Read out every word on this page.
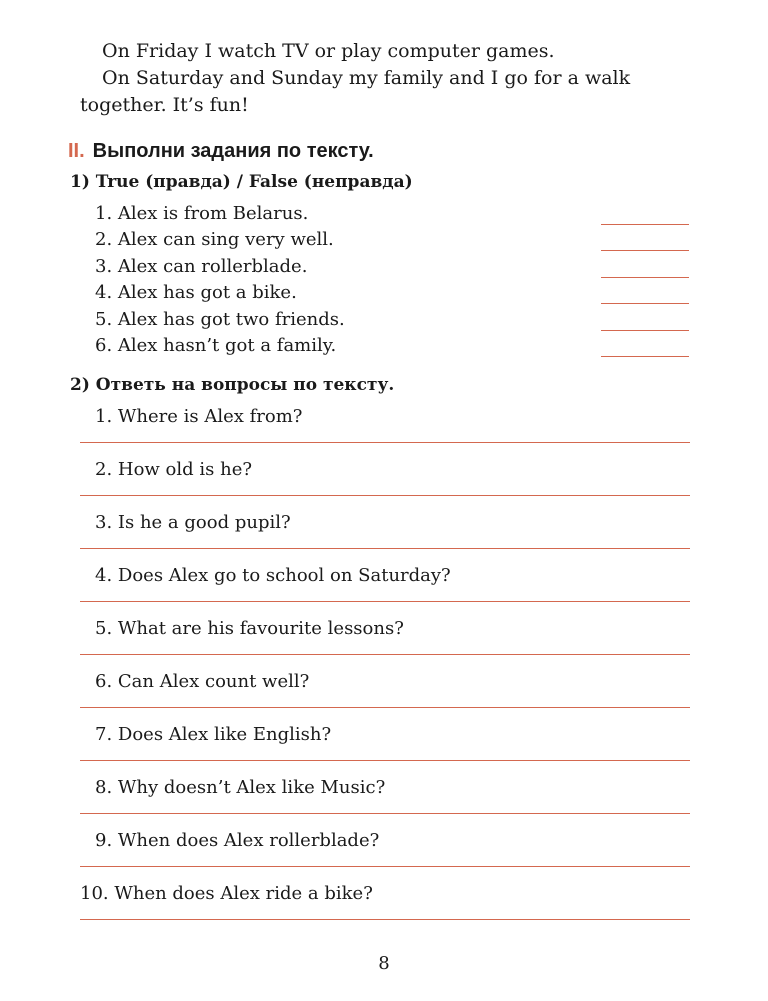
On Friday I watch TV or play computer games.

On Saturday and Sunday my family and I go for a walk together. It’s fun!

II. Выполни задания по тексту.
1) True (правда) / False (неправда)
1. Alex is from Belarus.
2. Alex can sing very well.
3. Alex can rollerblade.
4. Alex has got a bike.
5. Alex has got two friends.
6. Alex hasn’t got a family.
2) Ответь на вопросы по тексту.
1. Where is Alex from?
2. How old is he?
3. Is he a good pupil?
4. Does Alex go to school on Saturday?
5. What are his favourite lessons?
6. Can Alex count well?
7. Does Alex like English?
8. Why doesn’t Alex like Music?
9. When does Alex rollerblade?
10. When does Alex ride a bike?
8
